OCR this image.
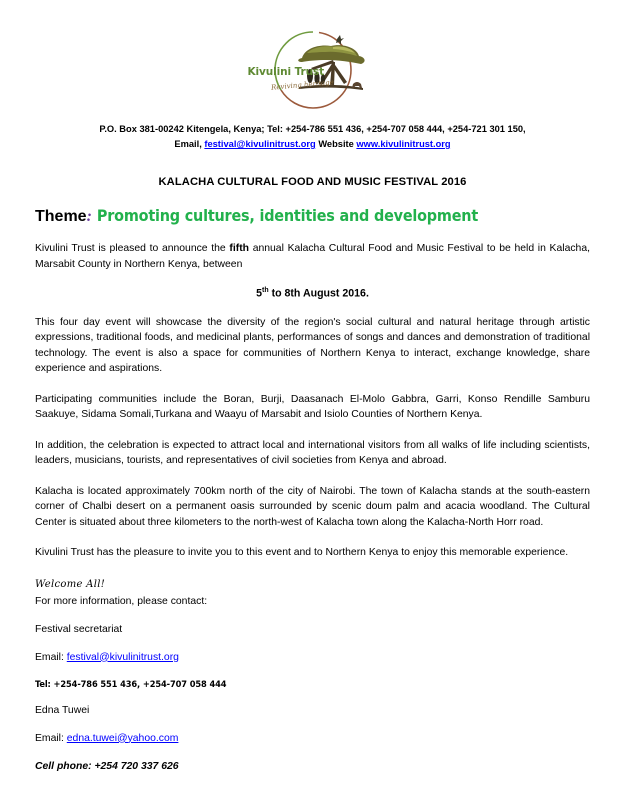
Kivulini Trust
Reviving heritage
P.O. Box 381-00242 Kitengela, Kenya; Tel: +254-786 551 436, +254-707 058 444, +254-721 301 150,
Email, festival@kivulinitrust.org Website www.kivulinitrust.org
KALACHA CULTURAL FOOD AND MUSIC FESTIVAL 2016
Theme : Promoting cultures, identities and development
Kivulini Trust is pleased to announce the fifth annual Kalacha Cultural Food and Music Festival to be held in Kalacha, Marsabit County in Northern Kenya, between
5th to 8th August 2016.
This four day event will showcase the diversity of the region's social cultural and natural heritage through artistic expressions, traditional foods, and medicinal plants, performances of songs and dances and demonstration of traditional technology. The event is also a space for communities of Northern Kenya to interact, exchange knowledge, share experience and aspirations.
Participating communities include the Boran, Burji, Daasanach El-Molo Gabbra, Garri, Konso Rendille Samburu Saakuye, Sidama Somali,Turkana and Waayu of Marsabit and Isiolo Counties of Northern Kenya.
In addition, the celebration is expected to attract local and international visitors from all walks of life including scientists, leaders, musicians, tourists, and representatives of civil societies from Kenya and abroad.
Kalacha is located approximately 700km north of the city of Nairobi. The town of Kalacha stands at the south-eastern corner of Chalbi desert on a permanent oasis surrounded by scenic doum palm and acacia woodland. The Cultural Center is situated about three kilometers to the north-west of Kalacha town along the Kalacha-North Horr road.
Kivulini Trust has the pleasure to invite you to this event and to Northern Kenya to enjoy this memorable experience.
Welcome All!
For more information, please contact:
Festival secretariat
Email: festival@kivulinitrust.org
Tel: +254-786 551 436, +254-707 058 444
Edna Tuwei
Email: edna.tuwei@yahoo.com
Cell phone: +254 720 337 626
